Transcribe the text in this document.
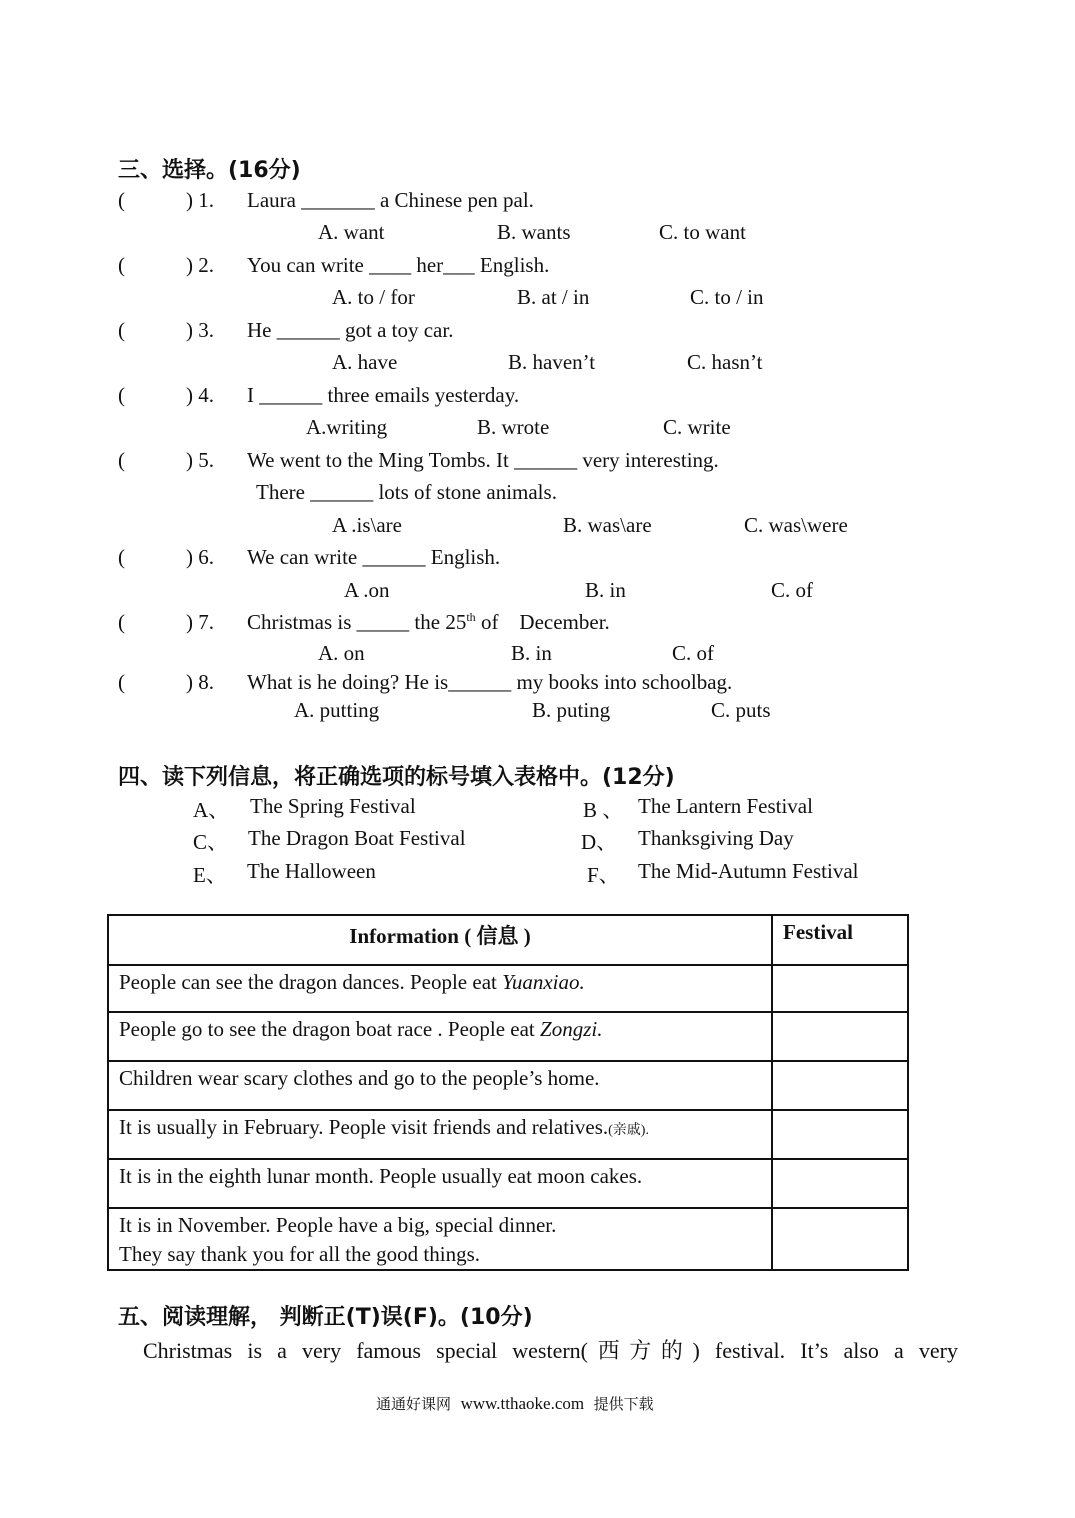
三、选择。(16分)
(	) 1. Laura _______ a Chinese pen pal.
A. want	B. wants	C. to want
(	) 2. You can write ____ her___ English.
A. to / for	B. at / in	C. to / in
(	) 3. He ______ got a toy car.
A. have	B. haven’t	C. hasn’t
(	) 4. I ______ three emails yesterday.
A.writing	B. wrote	C. write
(	) 5. We went to the Ming Tombs. It ______ very interesting.
There ______ lots of stone animals.
A .is\are	B. was\are	C. was\were
(	) 6. We can write ______ English.
A .on	B. in	C. of
(	) 7. Christmas is _____ the 25th of    December.
A. on	B. in	C. of
(	) 8. What is he doing? He is______ my books into schoolbag.
A. putting	B. puting	C. puts
四、读下列信息，将正确选项的标号填入表格中。(12分)
A、 The Spring Festival	B 、 The Lantern Festival
C、 The Dragon Boat Festival	D、 Thanksgiving Day
E、 The Halloween	F、 The Mid-Autumn Festival
Information ( 信息 )	Festival
People can see the dragon dances. People eat Yuanxiao.	
People go to see the dragon boat race . People eat Zongzi.	
Children wear scary clothes and go to the people’s home.	
It is usually in February. People visit friends and relatives.(亲戚).	
It is in the eighth lunar month. People usually eat moon cakes.	
It is in November. People have a big, special dinner.
They say thank you for all the good things.	
五、阅读理解， 判断正(T)误(F)。(10分)
Christmas is a very famous special western(西方的) festival. It’s also a very
通通好课网 www.tthaoke.com 提供下载
